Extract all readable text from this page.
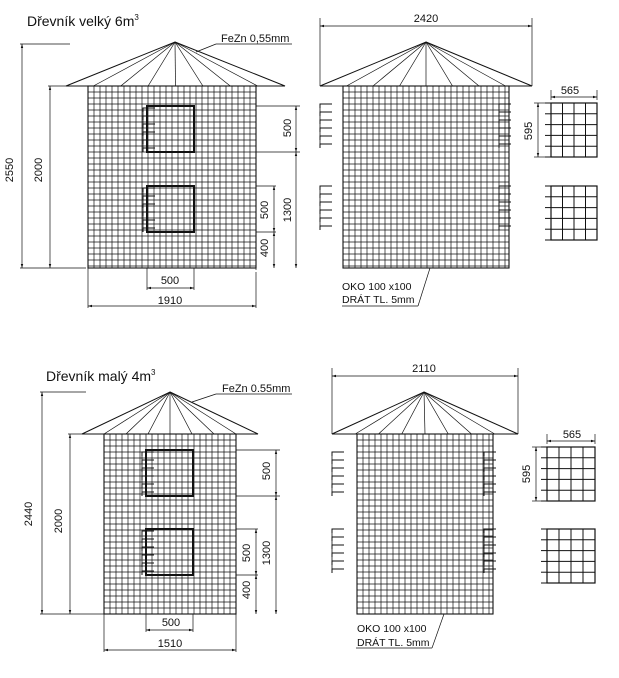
Dřevník velký $6m^3$
FeZn 0,55mm
2550 2000
500
1300
500
400
500
1910
2420
565
595
OKO 100 x100
DRÁT TL. 5mm
Dřevník malý $4m^3$
FeZn 0.55mm
2440 2000
500
1300
500
400
500
1510
2110
565
595
OKO 100 x100
DRÁT TL. 5mm
